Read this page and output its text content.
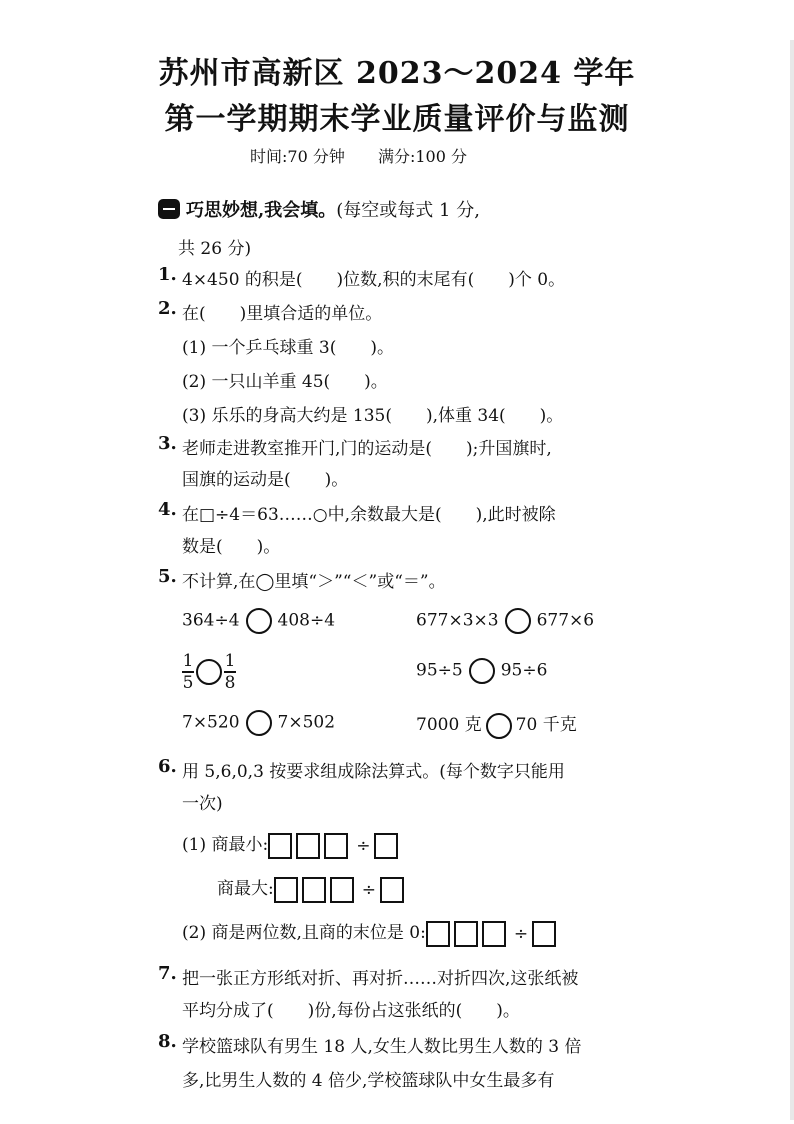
苏州市高新区 2023～2024 学年
第一学期期末学业质量评价与监测
时间:70 分钟 满分:100 分
巧思妙想,我会填。 (每空或每式 1 分,
共 26 分)
1. 4×450 的积是(　　)位数,积的末尾有(　　)个 0。
2. 在(　　)里填合适的单位。
(1) 一个乒乓球重 3(　　)。
(2) 一只山羊重 45(　　)。
(3) 乐乐的身高大约是 135(　　),体重 34(　　)。
3. 老师走进教室推开门,门的运动是(　　);升国旗时,
国旗的运动是(　　)。
4. 在□÷4＝63……○中,余数最大是(　　),此时被除
数是(　　)。
5. 不计算,在◯里填“＞”“＜”或“＝”。
364÷4 408÷4	677×3×3 677×6
$\frac{1}{5} \frac{1}{8}$	95÷5 95÷6
7×520 7×502	7000 克 70 千克
6. 用 5,6,0,3 按要求组成除法算式。(每个数字只能用
一次)
(1) 商最小:	÷
商最大:	÷
(2) 商是两位数,且商的末位是 0:	÷
7. 把一张正方形纸对折、再对折……对折四次,这张纸被
平均分成了(　　)份,每份占这张纸的(　　)。
8. 学校篮球队有男生 18 人,女生人数比男生人数的 3 倍
多,比男生人数的 4 倍少,学校篮球队中女生最多有
